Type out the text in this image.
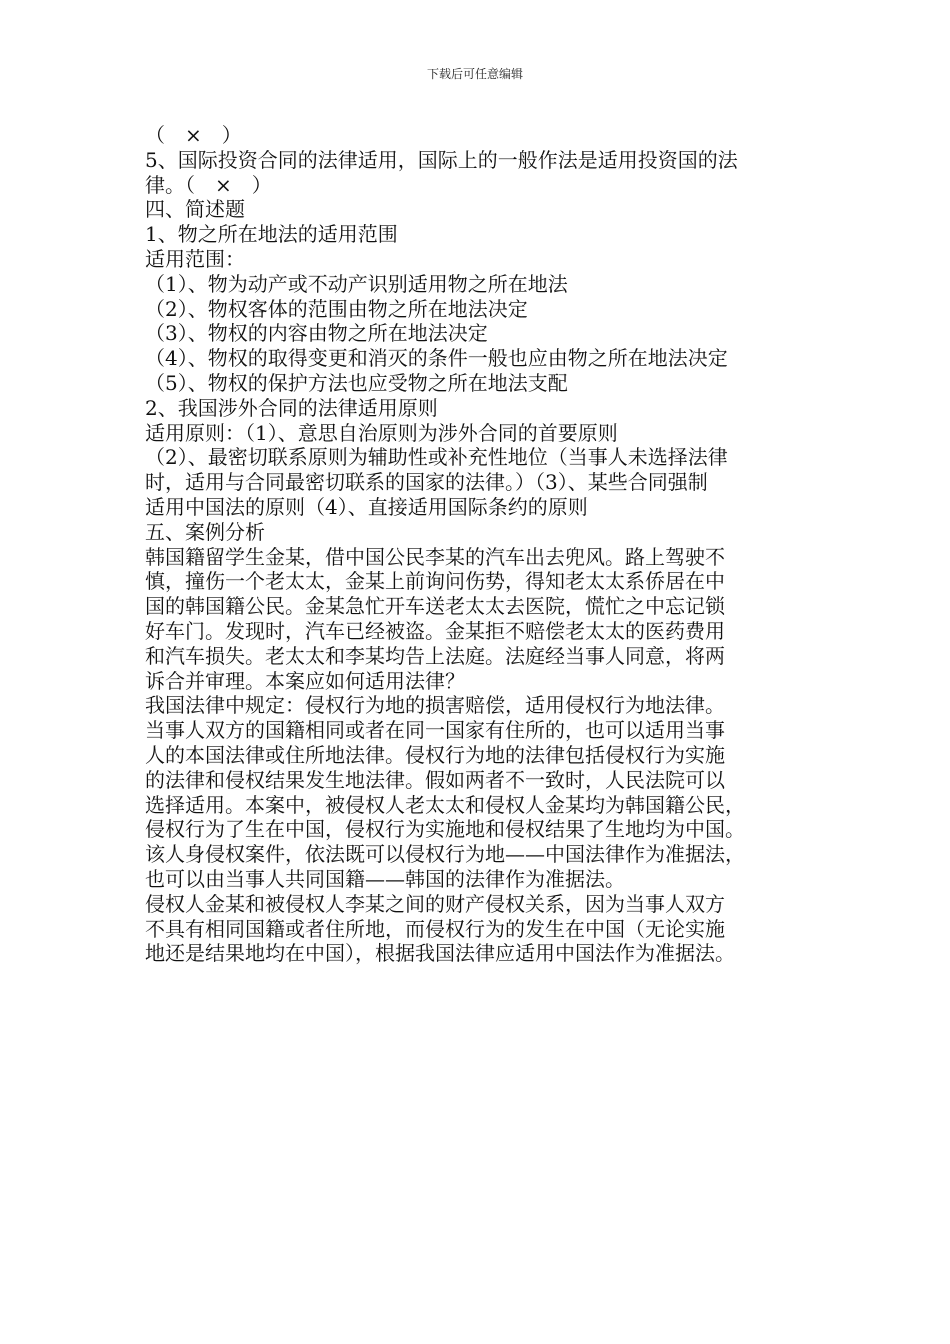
下载后可任意编辑
（　×　）
5、国际投资合同的法律适用，国际上的一般作法是适用投资国的法
律。（　×　）
四、简述题
1、物之所在地法的适用范围
适用范围：
（1）、物为动产或不动产识别适用物之所在地法
（2）、物权客体的范围由物之所在地法决定
（3）、物权的内容由物之所在地法决定
（4）、物权的取得变更和消灭的条件一般也应由物之所在地法决定
（5）、物权的保护方法也应受物之所在地法支配
2、我国涉外合同的法律适用原则
适用原则：（1）、意思自治原则为涉外合同的首要原则
（2）、最密切联系原则为辅助性或补充性地位（当事人未选择法律
时，适用与合同最密切联系的国家的法律。）（3）、某些合同强制
适用中国法的原则（4）、直接适用国际条约的原则
五、案例分析
韩国籍留学生金某，借中国公民李某的汽车出去兜风。路上驾驶不
慎，撞伤一个老太太，金某上前询问伤势，得知老太太系侨居在中
国的韩国籍公民。金某急忙开车送老太太去医院，慌忙之中忘记锁
好车门。发现时，汽车已经被盗。金某拒不赔偿老太太的医药费用
和汽车损失。老太太和李某均告上法庭。法庭经当事人同意，将两
诉合并审理。本案应如何适用法律？
我国法律中规定：侵权行为地的损害赔偿，适用侵权行为地法律。
当事人双方的国籍相同或者在同一国家有住所的，也可以适用当事
人的本国法律或住所地法律。侵权行为地的法律包括侵权行为实施
的法律和侵权结果发生地法律。假如两者不一致时，人民法院可以
选择适用。本案中，被侵权人老太太和侵权人金某均为韩国籍公民，
侵权行为了生在中国，侵权行为实施地和侵权结果了生地均为中国。
该人身侵权案件，依法既可以侵权行为地——中国法律作为准据法，
也可以由当事人共同国籍——韩国的法律作为准据法。
侵权人金某和被侵权人李某之间的财产侵权关系，因为当事人双方
不具有相同国籍或者住所地，而侵权行为的发生在中国（无论实施
地还是结果地均在中国），根据我国法律应适用中国法作为准据法。
